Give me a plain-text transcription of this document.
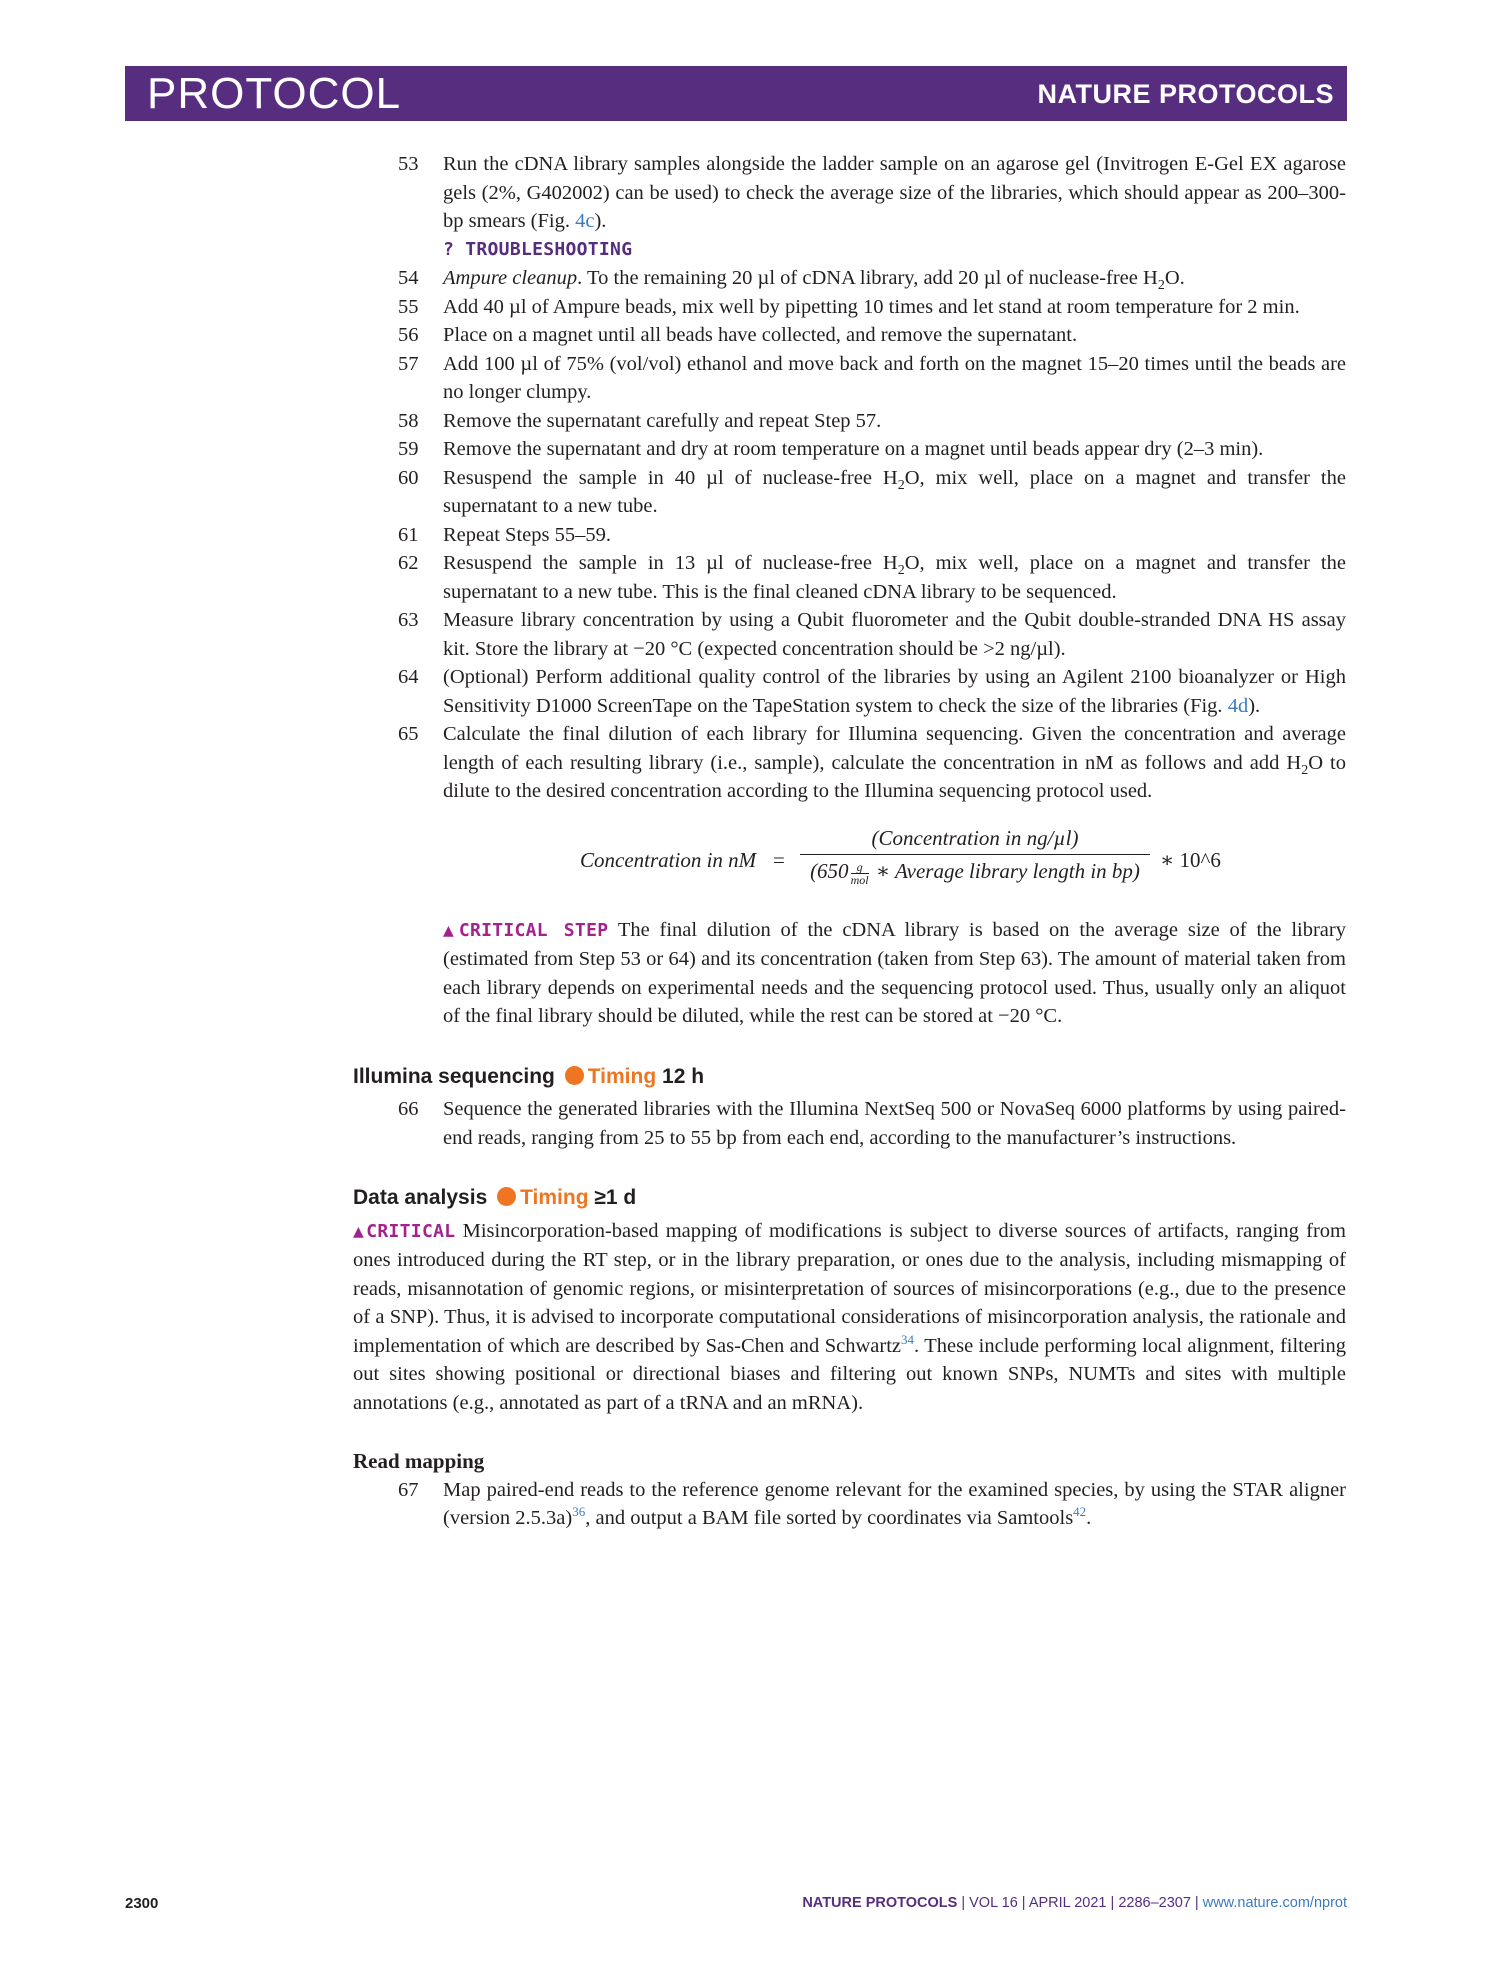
PROTOCOL	NATURE PROTOCOLS
53 Run the cDNA library samples alongside the ladder sample on an agarose gel (Invitrogen E-Gel EX agarose gels (2%, G402002) can be used) to check the average size of the libraries, which should appear as 200–300-bp smears (Fig. 4c).
? TROUBLESHOOTING
54 Ampure cleanup. To the remaining 20 µl of cDNA library, add 20 µl of nuclease-free $H_2O$.
55 Add 40 µl of Ampure beads, mix well by pipetting 10 times and let stand at room temperature for 2 min.
56 Place on a magnet until all beads have collected, and remove the supernatant.
57 Add 100 µl of 75% (vol/vol) ethanol and move back and forth on the magnet 15–20 times until the beads are no longer clumpy.
58 Remove the supernatant carefully and repeat Step 57.
59 Remove the supernatant and dry at room temperature on a magnet until beads appear dry (2–3 min).
60 Resuspend the sample in 40 µl of nuclease-free $H_2O$, mix well, place on a magnet and transfer the supernatant to a new tube.
61 Repeat Steps 55–59.
62 Resuspend the sample in 13 µl of nuclease-free $H_2O$, mix well, place on a magnet and transfer the supernatant to a new tube. This is the final cleaned cDNA library to be sequenced.
63 Measure library concentration by using a Qubit fluorometer and the Qubit double-stranded DNA HS assay kit. Store the library at −20 °C (expected concentration should be >2 ng/µl).
64 (Optional) Perform additional quality control of the libraries by using an Agilent 2100 bioanalyzer or High Sensitivity D1000 ScreenTape on the TapeStation system to check the size of the libraries (Fig. 4d).
65 Calculate the final dilution of each library for Illumina sequencing. Given the concentration and average length of each resulting library (i.e., sample), calculate the concentration in nM as follows and add $H_2O$ to dilute to the desired concentration according to the Illumina sequencing protocol used.
Concentration in nM =
(Concentration in ng/µl)
($650 \frac{g}{\text{mol}}$ ∗ Average library length in bp) ∗ 10^6
▲CRITICAL STEP The final dilution of the cDNA library is based on the average size of the library (estimated from Step 53 or 64) and its concentration (taken from Step 63). The amount of material taken from each library depends on experimental needs and the sequencing protocol used. Thus, usually only an aliquot of the final library should be diluted, while the rest can be stored at −20 °C.
Illumina sequencing Timing 12 h
66 Sequence the generated libraries with the Illumina NextSeq 500 or NovaSeq 6000 platforms by using paired-end reads, ranging from 25 to 55 bp from each end, according to the manufacturer’s instructions.
Data analysis Timing ≥1 d
▲CRITICAL Misincorporation-based mapping of modifications is subject to diverse sources of artifacts, ranging from ones introduced during the RT step, or in the library preparation, or ones due to the analysis, including mismapping of reads, misannotation of genomic regions, or misinterpretation of sources of misincorporations (e.g., due to the presence of a SNP). Thus, it is advised to incorporate computational considerations of misincorporation analysis, the rationale and implementation of which are described by Sas-Chen and Schwartz$^{34}$. These include performing local alignment, filtering out sites showing positional or directional biases and filtering out known SNPs, NUMTs and sites with multiple annotations (e.g., annotated as part of a tRNA and an mRNA).
Read mapping
67 Map paired-end reads to the reference genome relevant for the examined species, by using the STAR aligner (version 2.5.3a)$^{36}$, and output a BAM file sorted by coordinates via Samtools$^{42}$.
2300	NATURE PROTOCOLS | VOL 16 | APRIL 2021 | 2286–2307 | www.nature.com/nprot
